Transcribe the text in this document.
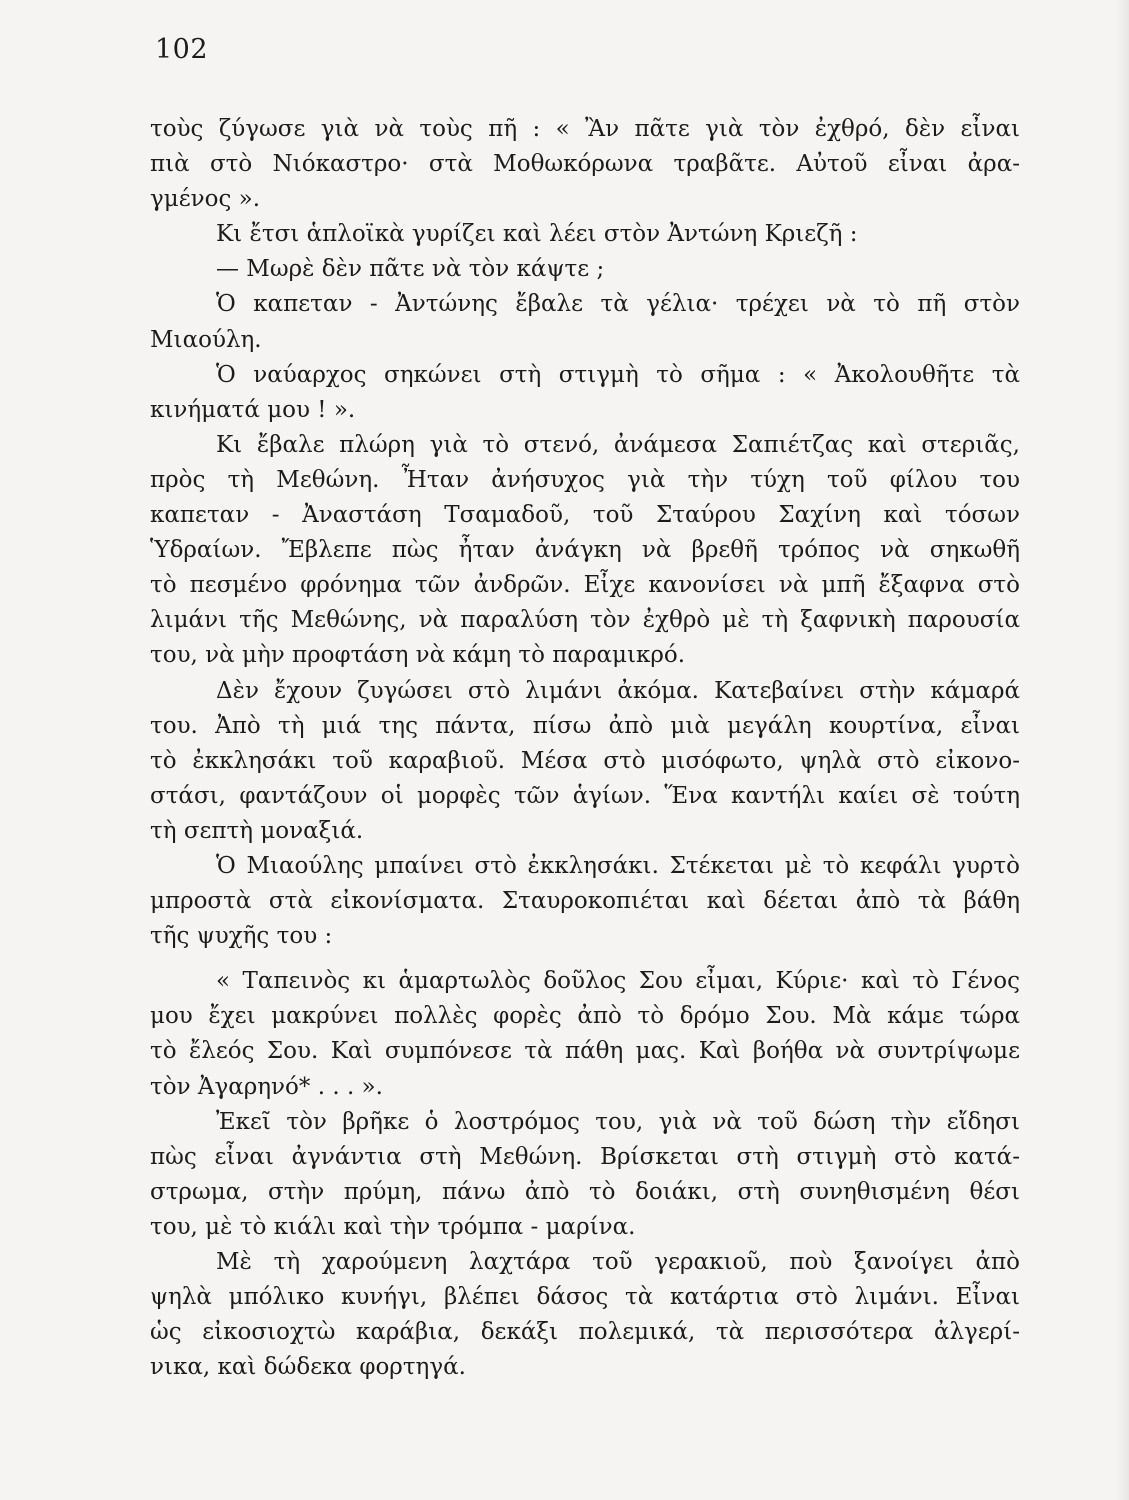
102
τοὺς ζύγωσε γιὰ νὰ τοὺς πῆ : « Ἂν πᾶτε γιὰ τὸν ἐχθρό, δὲν εἶναι
πιὰ στὸ Νιόκαστρο· στὰ Μοθωκόρωνα τραβᾶτε. Αὐτοῦ εἶναι ἀρα-
γμένος ».
Κι ἔτσι ἁπλοϊκὰ γυρίζει καὶ λέει στὸν Ἀντώνη Κριεζῆ :
— Μωρὲ δὲν πᾶτε νὰ τὸν κάψτε ;
Ὁ καπεταν - Ἀντώνης ἔβαλε τὰ γέλια· τρέχει νὰ τὸ πῆ στὸν
Μιαούλη.
Ὁ ναύαρχος σηκώνει στὴ στιγμὴ τὸ σῆμα : « Ἀκολουθῆτε τὰ
κινήματά μου ! ».
Κι ἔβαλε πλώρη γιὰ τὸ στενό, ἀνάμεσα Σαπιέτζας καὶ στεριᾶς,
πρὸς τὴ Μεθώνη. Ἦταν ἀνήσυχος γιὰ τὴν τύχη τοῦ φίλου του
καπεταν - Ἀναστάση Τσαμαδοῦ, τοῦ Σταύρου Σαχίνη καὶ τόσων
Ὑδραίων. Ἔβλεπε πὼς ἦταν ἀνάγκη νὰ βρεθῆ τρόπος νὰ σηκωθῆ
τὸ πεσμένο φρόνημα τῶν ἀνδρῶν. Εἶχε κανονίσει νὰ μπῆ ἔξαφνα στὸ
λιμάνι τῆς Μεθώνης, νὰ παραλύση τὸν ἐχθρὸ μὲ τὴ ξαφνικὴ παρουσία
του, νὰ μὴν προφτάση νὰ κάμη τὸ παραμικρό.
Δὲν ἔχουν ζυγώσει στὸ λιμάνι ἀκόμα. Κατεβαίνει στὴν κάμαρά
του. Ἀπὸ τὴ μιά της πάντα, πίσω ἀπὸ μιὰ μεγάλη κουρτίνα, εἶναι
τὸ ἐκκλησάκι τοῦ καραβιοῦ. Μέσα στὸ μισόφωτο, ψηλὰ στὸ εἰκονο-
στάσι, φαντάζουν οἱ μορφὲς τῶν ἁγίων. Ἕνα καντήλι καίει σὲ τούτη
τὴ σεπτὴ μοναξιά.
Ὁ Μιαούλης μπαίνει στὸ ἐκκλησάκι. Στέκεται μὲ τὸ κεφάλι γυρτὸ
μπροστὰ στὰ εἰκονίσματα. Σταυροκοπιέται καὶ δέεται ἀπὸ τὰ βάθη
τῆς ψυχῆς του :
« Ταπεινὸς κι ἁμαρτωλὸς δοῦλος Σου εἶμαι, Κύριε· καὶ τὸ Γένος
μου ἔχει μακρύνει πολλὲς φορὲς ἀπὸ τὸ δρόμο Σου. Μὰ κάμε τώρα
τὸ ἔλεός Σου. Καὶ συμπόνεσε τὰ πάθη μας. Καὶ βοήθα νὰ συντρίψωμε
τὸν Ἀγαρηνό* . . . ».
Ἐκεῖ τὸν βρῆκε ὁ λοστρόμος του, γιὰ νὰ τοῦ δώση τὴν εἴδησι
πὼς εἶναι ἀγνάντια στὴ Μεθώνη. Βρίσκεται στὴ στιγμὴ στὸ κατά-
στρωμα, στὴν πρύμη, πάνω ἀπὸ τὸ δοιάκι, στὴ συνηθισμένη θέσι
του, μὲ τὸ κιάλι καὶ τὴν τρόμπα - μαρίνα.
Μὲ τὴ χαρούμενη λαχτάρα τοῦ γερακιοῦ, ποὺ ξανοίγει ἀπὸ
ψηλὰ μπόλικο κυνήγι, βλέπει δάσος τὰ κατάρτια στὸ λιμάνι. Εἶναι
ὡς εἰκοσιοχτὼ καράβια, δεκάξι πολεμικά, τὰ περισσότερα ἀλγερί-
νικα, καὶ δώδεκα φορτηγά.
